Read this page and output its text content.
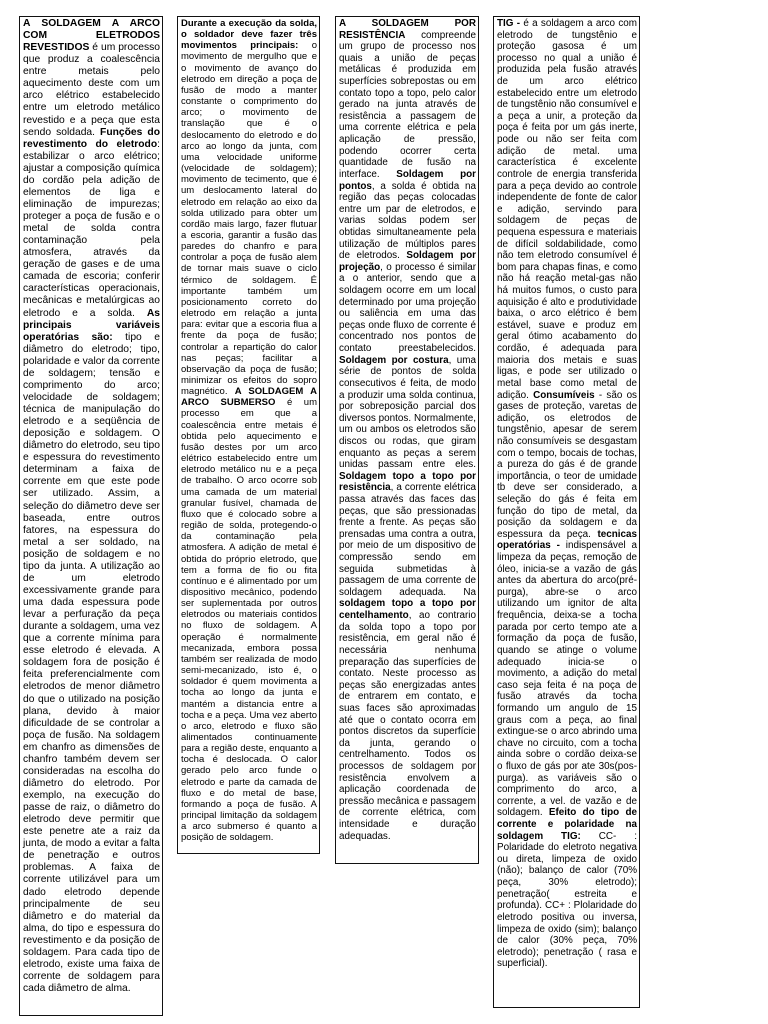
A SOLDAGEM A ARCO COM ELETRODOS REVESTIDOS é um processo que produz a coalescência entre metais pelo aquecimento deste com um arco elétrico estabelecido entre um eletrodo metálico revestido e a peça que esta sendo soldada. Funções do revestimento do eletrodo: estabilizar o arco elétrico; ajustar a composição química do cordão pela adição de elementos de liga e eliminação de impurezas; proteger a poça de fusão e o metal de solda contra contaminação pela atmosfera, através da geração de gases e de uma camada de escoria; conferir características operacionais, mecânicas e metalúrgicas ao eletrodo e a solda. As principais variáveis operatórias são: tipo e diâmetro do eletrodo; tipo, polaridade e valor da corrente de soldagem; tensão e comprimento do arco; velocidade de soldagem; técnica de manipulação do eletrodo e a seqüência de deposição e soldagem. O diâmetro do eletrodo, seu tipo e espessura do revestimento determinam a faixa de corrente em que este pode ser utilizado. Assim, a seleção do diâmetro deve ser baseada, entre outros fatores, na espessura do metal a ser soldado, na posição de soldagem e no tipo da junta. A utilização ao de um eletrodo excessivamente grande para uma dada espessura pode levar a perfuração da peça durante a soldagem, uma vez que a corrente mínima para esse eletrodo é elevada. A soldagem fora de posição é feita preferencialmente com eletrodos de menor diâmetro do que o utilizado na posição plana, devido à maior dificuldade de se controlar a poça de fusão. Na soldagem em chanfro as dimensões de chanfro também devem ser consideradas na escolha do diâmetro do eletrodo. Por exemplo, na execução do passe de raiz, o diâmetro do eletrodo deve permitir que este penetre ate a raiz da junta, de modo a evitar a falta de penetração e outros problemas. A faixa de corrente utilizável para um dado eletrodo depende principalmente de seu diâmetro e do material da alma, do tipo e espessura do revestimento e da posição de soldagem. Para cada tipo de eletrodo, existe uma faixa de corrente de soldagem para cada diâmetro de alma.

Durante a execução da solda, o soldador deve fazer três movimentos principais: o movimento de mergulho que e o movimento de avanço do eletrodo em direção a poça de fusão de modo a manter constante o comprimento do arco; o movimento de translação que é o deslocamento do eletrodo e do arco ao longo da junta, com uma velocidade uniforme (velocidade de soldagem); movimento de tecimento, que é um deslocamento lateral do eletrodo em relação ao eixo da solda utilizado para obter um cordão mais largo, fazer flutuar a escoria, garantir a fusão das paredes do chanfro e para controlar a poça de fusão alem de tornar mais suave o ciclo térmico de soldagem. É importante também um posicionamento correto do eletrodo em relação a junta para: evitar que a escoria flua a frente da poça de fusão; controlar a repartição do calor nas peças; facilitar a observação da poça de fusão; minimizar os efeitos do sopro magnético. A SOLDAGEM A ARCO SUBMERSO é um processo em que a coalescência entre metais é obtida pelo aquecimento e fusão destes por um arco elétrico estabelecido entre um eletrodo metálico nu e a peça de trabalho. O arco ocorre sob uma camada de um material granular fusível, chamada de fluxo que é colocado sobre a região de solda, protegendo-o da contaminação pela atmosfera. A adição de metal é obtida do próprio eletrodo, que tem a forma de fio ou fita contínuo e é alimentado por um dispositivo mecânico, podendo ser suplementada por outros eletrodos ou materiais contidos no fluxo de soldagem. A operação é normalmente mecanizada, embora possa também ser realizada de modo semi-mecanizado, isto é, o soldador é quem movimenta a tocha ao longo da junta e mantém a distancia entre a tocha e a peça. Uma vez aberto o arco, eletrodo e fluxo são alimentados continuamente para a região deste, enquanto a tocha é deslocada. O calor gerado pelo arco funde o eletrodo e parte da camada de fluxo e do metal de base, formando a poça de fusão. A principal limitação da soldagem a arco submerso é quanto a posição de soldagem.

A SOLDAGEM POR RESISTÊNCIA compreende um grupo de processo nos quais a união de peças metálicas é produzida em superfícies sobrepostas ou em contato topo a topo, pelo calor gerado na junta através de resistência a passagem de uma corrente elétrica e pela aplicação de pressão, podendo ocorrer certa quantidade de fusão na interface. Soldagem por pontos, a solda é obtida na região das peças colocadas entre um par de eletrodos, e varias soldas podem ser obtidas simultaneamente pela utilização de múltiplos pares de eletrodos. Soldagem por projeção, o processo é similar a o anterior, sendo que a soldagem ocorre em um local determinado por uma projeção ou saliência em uma das peças onde fluxo de corrente é concentrado nos pontos de contato preestabelecidos. Soldagem por costura, uma série de pontos de solda consecutivos é feita, de modo a produzir uma solda continua, por sobreposição parcial dos diversos pontos. Normalmente, um ou ambos os eletrodos são discos ou rodas, que giram enquanto as peças a serem unidas passam entre eles. Soldagem topo a topo por resistência, a corrente elétrica passa através das faces das peças, que são pressionadas frente a frente. As peças são prensadas uma contra a outra, por meio de um dispositivo de compressão sendo em seguida submetidas à passagem de uma corrente de soldagem adequada. Na soldagem topo a topo por centelhamento, ao contrario da solda topo a topo por resistência, em geral não é necessária nenhuma preparação das superfícies de contato. Neste processo as peças são energizadas antes de entrarem em contato, e suas faces são aproximadas até que o contato ocorra em pontos discretos da superfície da junta, gerando o centrelhamento. Todos os processos de soldagem por resistência envolvem a aplicação coordenada de pressão mecânica e passagem de corrente elétrica, com intensidade e duração adequadas.

TIG - é a soldagem a arco com eletrodo de tungstênio e proteção gasosa é um processo no qual a união é produzida pela fusão através de um arco elétrico estabelecido entre um eletrodo de tungstênio não consumível e a peça a unir, a proteção da poça é feita por um gás inerte, pode ou não ser feita com adição de metal. uma característica é excelente controle de energia transferida para a peça devido ao controle independente de fonte de calor e adição, servindo para soldagem de peças de pequena espessura e materiais de difícil soldabilidade, como não tem eletrodo consumível é bom para chapas finas, e como não há reação metal-gas não há muitos fumos, o custo para aquisição é alto e produtividade baixa, o arco elétrico é bem estável, suave e produz em geral ótimo acabamento do cordão, é adequada para maioria dos metais e suas ligas, e pode ser utilizado o metal base como metal de adição. Consumíveis - são os gases de proteção, varetas de adição, os eletrodos de tungstênio, apesar de serem não consumíveis se desgastam com o tempo, bocais de tochas, a pureza do gás é de grande importância, o teor de umidade tb deve ser considerado, a seleção do gás é feita em função do tipo de metal, da posição da soldagem e da espessura da peça. tecnicas operatórias - indispensável a limpeza da peças, remoção de óleo, inicia-se a vazão de gás antes da abertura do arco(pré-purga), abre-se o arco utilizando um ignitor de alta frequência, deixa-se a tocha parada por certo tempo ate a formação da poça de fusão, quando se atinge o volume adequado inicia-se o movimento, a adição do metal caso seja feita é na poça de fusão através da tocha formando um angulo de 15 graus com a peça, ao final extingue-se o arco abrindo uma chave no circuito, com a tocha ainda sobre o cordão deixa-se o fluxo de gás por ate 30s(pos-purga). as variáveis são o comprimento do arco, a corrente, a vel. de vazão e de soldagem. Efeito do tipo de corrente e polaridade na soldagem TIG: CC- : Polaridade do eletroto negativa ou direta, limpeza de oxido (não); balanço de calor (70% peça, 30% eletrodo); penetração( estreita e profunda). CC+ : Plolaridade do eletrodo positiva ou inversa, limpeza de oxido (sim); balanço de calor (30% peça, 70% eletrodo); penetração ( rasa e superficial).
